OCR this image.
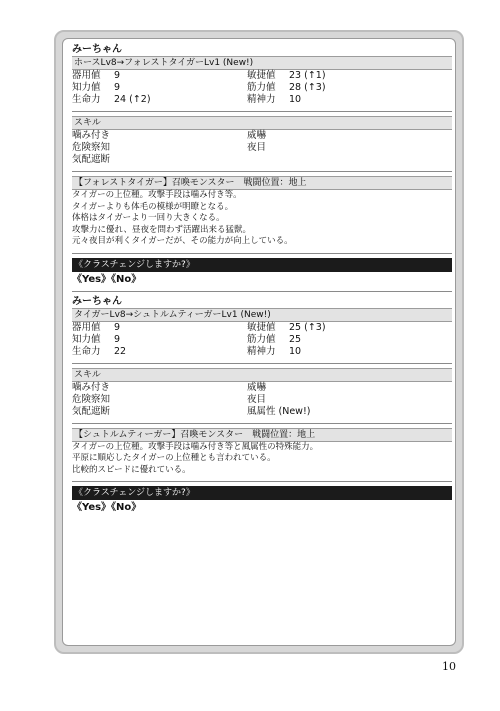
みーちゃん
ホースLv8→フォレストタイガーLv1 (New!)
器用値	9	敏捷値	23 (↑1)
知力値	9	筋力値	28 (↑3)
生命力	24 (↑2)	精神力	10
スキル
噛み付き	威嚇
危険察知	夜目
気配遮断
【フォレストタイガー】召喚モンスター　戦闘位置：地上
タイガーの上位種。攻撃手段は噛み付き等。
タイガーよりも体毛の模様が明瞭となる。
体格はタイガーより一回り大きくなる。
攻撃力に優れ、昼夜を問わず活躍出来る猛獣。
元々夜目が利くタイガーだが、その能力が向上している。
《クラスチェンジしますか?》
《Yes》《No》
みーちゃん
タイガーLv8→シュトルムティーガーLv1 (New!)
器用値	9	敏捷値	25 (↑3)
知力値	9	筋力値	25
生命力	22	精神力	10
スキル
噛み付き	威嚇
危険察知	夜目
気配遮断	風属性 (New!)
【シュトルムティーガー】召喚モンスター　戦闘位置：地上
タイガーの上位種。攻撃手段は噛み付き等と風属性の特殊能力。
平原に順応したタイガーの上位種とも言われている。
比較的スピードに優れている。
《クラスチェンジしますか?》
《Yes》《No》
10
